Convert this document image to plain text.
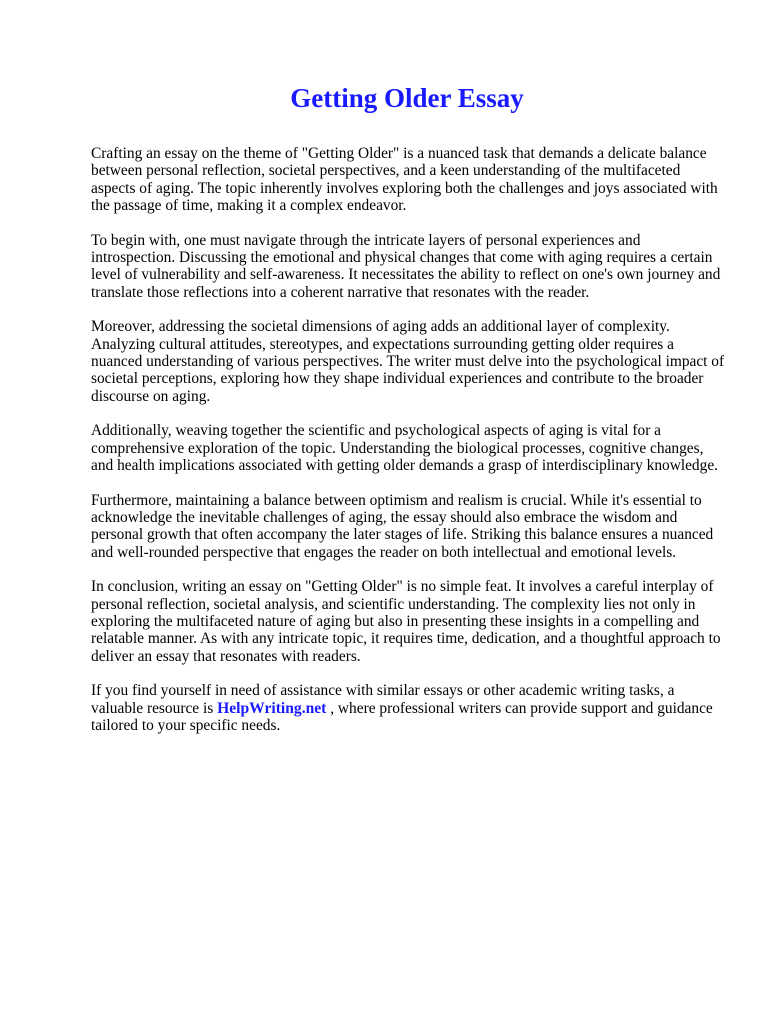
Getting Older Essay

Crafting an essay on the theme of "Getting Older" is a nuanced task that demands a delicate balance between personal reflection, societal perspectives, and a keen understanding of the multifaceted aspects of aging. The topic inherently involves exploring both the challenges and joys associated with the passage of time, making it a complex endeavor.

To begin with, one must navigate through the intricate layers of personal experiences and introspection. Discussing the emotional and physical changes that come with aging requires a certain level of vulnerability and self-awareness. It necessitates the ability to reflect on one's own journey and translate those reflections into a coherent narrative that resonates with the reader.

Moreover, addressing the societal dimensions of aging adds an additional layer of complexity. Analyzing cultural attitudes, stereotypes, and expectations surrounding getting older requires a nuanced understanding of various perspectives. The writer must delve into the psychological impact of societal perceptions, exploring how they shape individual experiences and contribute to the broader discourse on aging.

Additionally, weaving together the scientific and psychological aspects of aging is vital for a comprehensive exploration of the topic. Understanding the biological processes, cognitive changes, and health implications associated with getting older demands a grasp of interdisciplinary knowledge.

Furthermore, maintaining a balance between optimism and realism is crucial. While it's essential to acknowledge the inevitable challenges of aging, the essay should also embrace the wisdom and personal growth that often accompany the later stages of life. Striking this balance ensures a nuanced and well-rounded perspective that engages the reader on both intellectual and emotional levels.

In conclusion, writing an essay on "Getting Older" is no simple feat. It involves a careful interplay of personal reflection, societal analysis, and scientific understanding. The complexity lies not only in exploring the multifaceted nature of aging but also in presenting these insights in a compelling and relatable manner. As with any intricate topic, it requires time, dedication, and a thoughtful approach to deliver an essay that resonates with readers.

If you find yourself in need of assistance with similar essays or other academic writing tasks, a valuable resource is HelpWriting.net , where professional writers can provide support and guidance tailored to your specific needs.
